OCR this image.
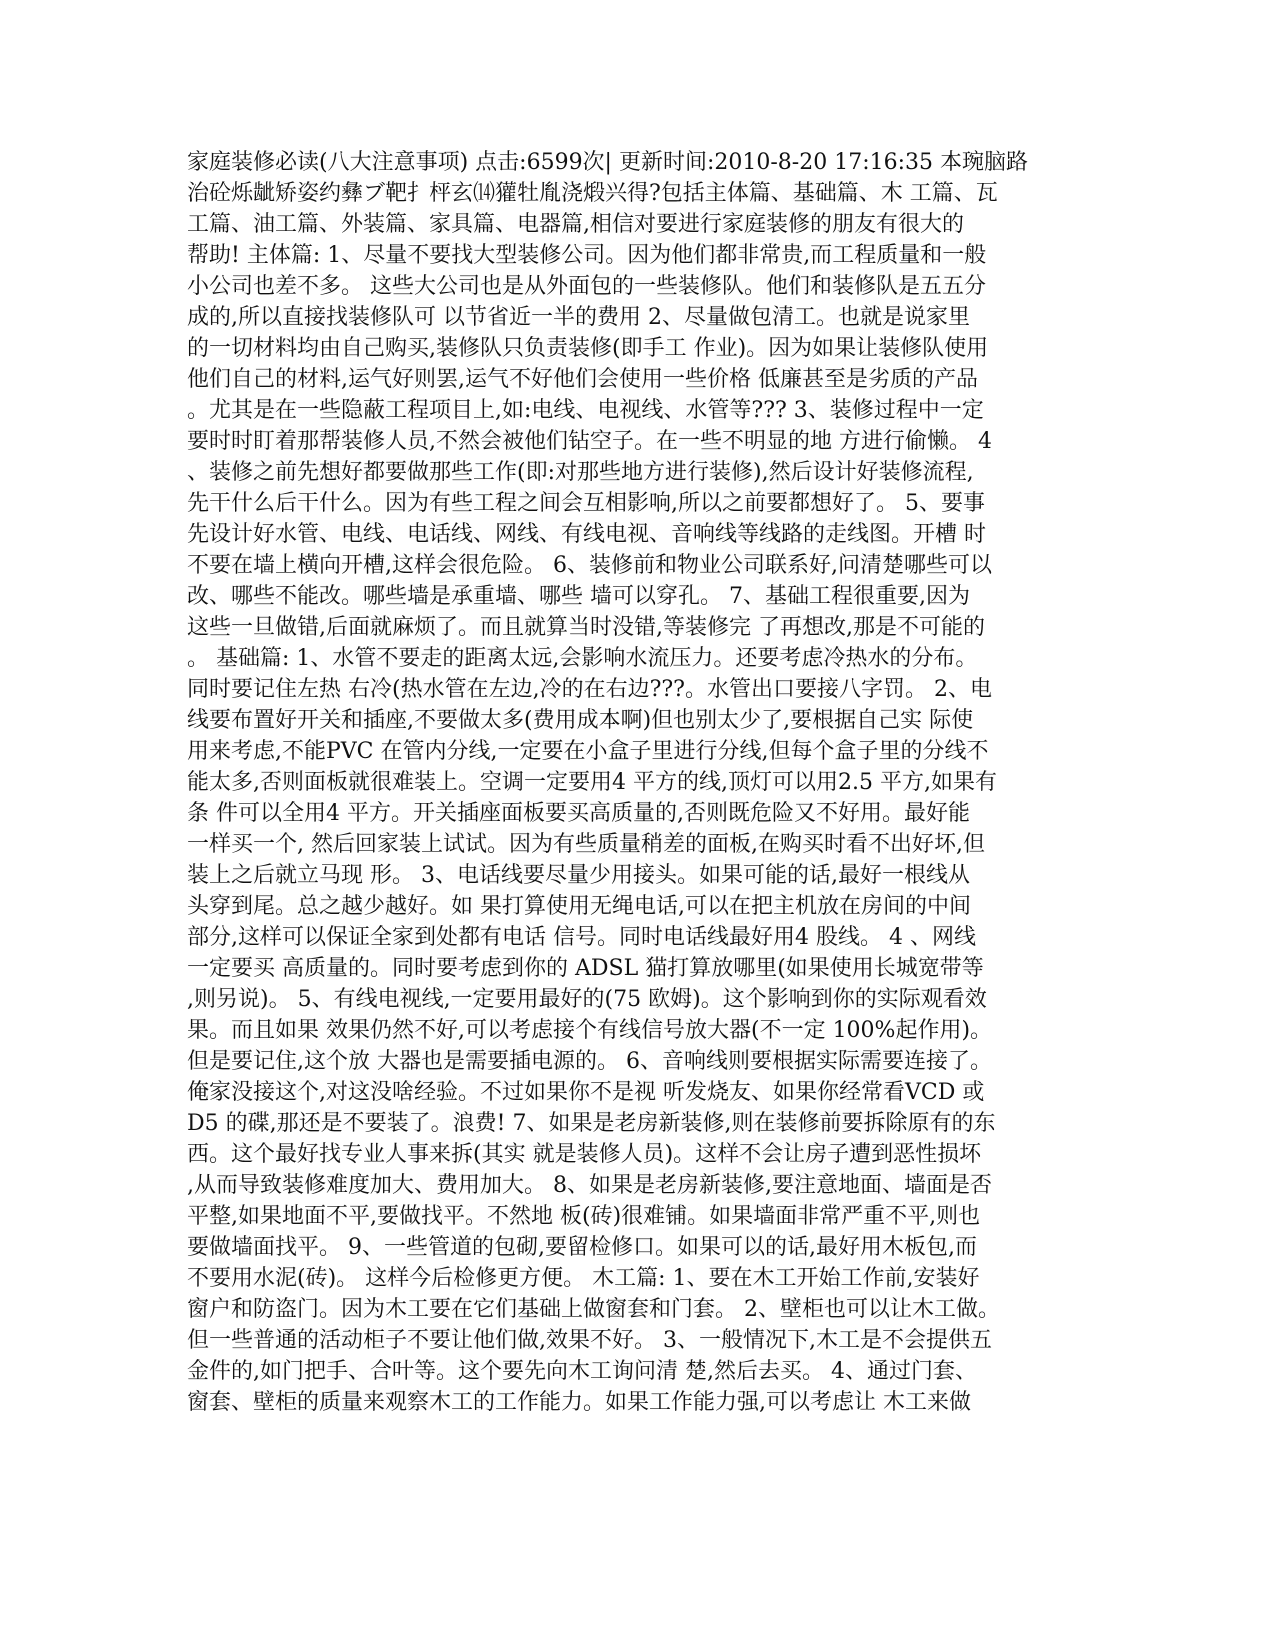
家庭装修必读(八大注意事项) 点击:6599次| 更新时间:2010-8-20 17:16:35 本琬脑路
治砼烁龇矫姿约彝ブ靶扌枰玄⒁獾牡胤浇煅兴得?包括主体篇、基础篇、木 工篇、瓦
工篇、油工篇、外装篇、家具篇、电器篇,相信对要进行家庭装修的朋友有很大的
帮助! 主体篇: 1、尽量不要找大型装修公司。因为他们都非常贵,而工程质量和一般
小公司也差不多。 这些大公司也是从外面包的一些装修队。他们和装修队是五五分
成的,所以直接找装修队可 以节省近一半的费用 2、尽量做包清工。也就是说家里
的一切材料均由自己购买,装修队只负责装修(即手工 作业)。因为如果让装修队使用
他们自己的材料,运气好则罢,运气不好他们会使用一些价格 低廉甚至是劣质的产品
。尤其是在一些隐蔽工程项目上,如:电线、电视线、水管等??? 3、装修过程中一定
要时时盯着那帮装修人员,不然会被他们钻空子。在一些不明显的地 方进行偷懒。 4
、装修之前先想好都要做那些工作(即:对那些地方进行装修),然后设计好装修流程,
先干什么后干什么。因为有些工程之间会互相影响,所以之前要都想好了。 5、要事
先设计好水管、电线、电话线、网线、有线电视、音响线等线路的走线图。开槽 时
不要在墙上横向开槽,这样会很危险。 6、装修前和物业公司联系好,问清楚哪些可以
改、哪些不能改。哪些墙是承重墙、哪些 墙可以穿孔。 7、基础工程很重要,因为
这些一旦做错,后面就麻烦了。而且就算当时没错,等装修完 了再想改,那是不可能的
。 基础篇: 1、水管不要走的距离太远,会影响水流压力。还要考虑冷热水的分布。
同时要记住左热 右冷(热水管在左边,冷的在右边???。水管出口要接八字罚。 2、电
线要布置好开关和插座,不要做太多(费用成本啊)但也别太少了,要根据自己实 际使
用来考虑,不能PVC 在管内分线,一定要在小盒子里进行分线,但每个盒子里的分线不
能太多,否则面板就很难装上。空调一定要用4 平方的线,顶灯可以用2.5 平方,如果有
条 件可以全用4 平方。开关插座面板要买高质量的,否则既危险又不好用。最好能
一样买一个, 然后回家装上试试。因为有些质量稍差的面板,在购买时看不出好坏,但
装上之后就立马现 形。 3、电话线要尽量少用接头。如果可能的话,最好一根线从
头穿到尾。总之越少越好。如 果打算使用无绳电话,可以在把主机放在房间的中间
部分,这样可以保证全家到处都有电话 信号。同时电话线最好用4 股线。 4 、网线
一定要买 高质量的。同时要考虑到你的 ADSL 猫打算放哪里(如果使用长城宽带等
,则另说)。 5、有线电视线,一定要用最好的(75 欧姆)。这个影响到你的实际观看效
果。而且如果 效果仍然不好,可以考虑接个有线信号放大器(不一定 100%起作用)。
但是要记住,这个放 大器也是需要插电源的。 6、音响线则要根据实际需要连接了。
俺家没接这个,对这没啥经验。不过如果你不是视 听发烧友、如果你经常看VCD 或
D5 的碟,那还是不要装了。浪费! 7、如果是老房新装修,则在装修前要拆除原有的东
西。这个最好找专业人事来拆(其实 就是装修人员)。这样不会让房子遭到恶性损坏
,从而导致装修难度加大、费用加大。 8、如果是老房新装修,要注意地面、墙面是否
平整,如果地面不平,要做找平。不然地 板(砖)很难铺。如果墙面非常严重不平,则也
要做墙面找平。 9、一些管道的包砌,要留检修口。如果可以的话,最好用木板包,而
不要用水泥(砖)。 这样今后检修更方便。 木工篇: 1、要在木工开始工作前,安装好
窗户和防盗门。因为木工要在它们基础上做窗套和门套。 2、壁柜也可以让木工做。
但一些普通的活动柜子不要让他们做,效果不好。 3、一般情况下,木工是不会提供五
金件的,如门把手、合叶等。这个要先向木工询问清 楚,然后去买。 4、通过门套、
窗套、壁柜的质量来观察木工的工作能力。如果工作能力强,可以考虑让 木工来做
